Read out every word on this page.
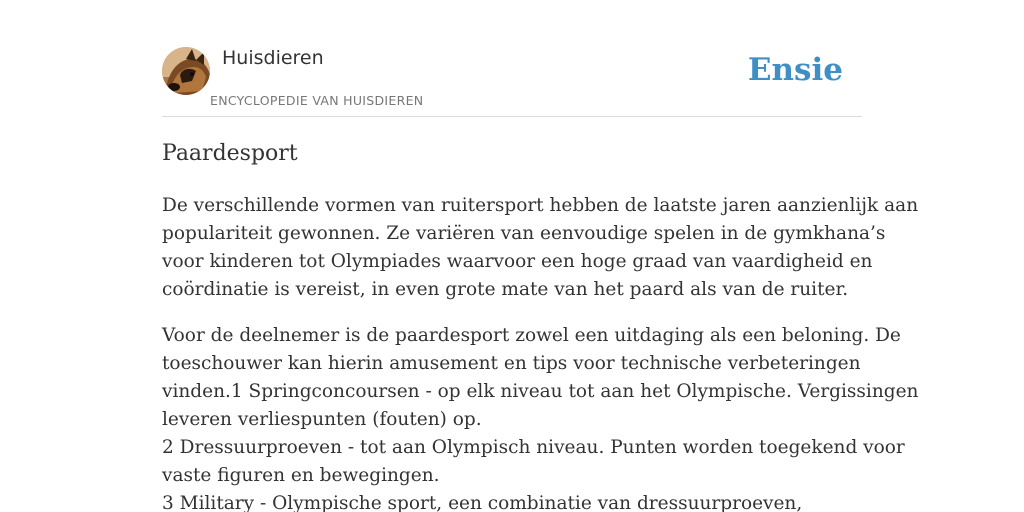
Huisdieren
ENCYCLOPEDIE VAN HUISDIEREN
Ensie
Paardesport

De verschillende vormen van ruitersport hebben de laatste jaren aanzienlijk aan
populariteit gewonnen. Ze variëren van eenvoudige spelen in de gymkhana’s
voor kinderen tot Olympiades waarvoor een hoge graad van vaardigheid en
coördinatie is vereist, in even grote mate van het paard als van de ruiter.

Voor de deelnemer is de paardesport zowel een uitdaging als een beloning. De
toeschouwer kan hierin amusement en tips voor technische verbeteringen
vinden.1 Springconcoursen - op elk niveau tot aan het Olympische. Vergissingen
leveren verliespunten (fouten) op.
2 Dressuurproeven - tot aan Olympisch niveau. Punten worden toegekend voor
vaste figuren en bewegingen.
3 Military - Olympische sport, een combinatie van dressuurproeven,
